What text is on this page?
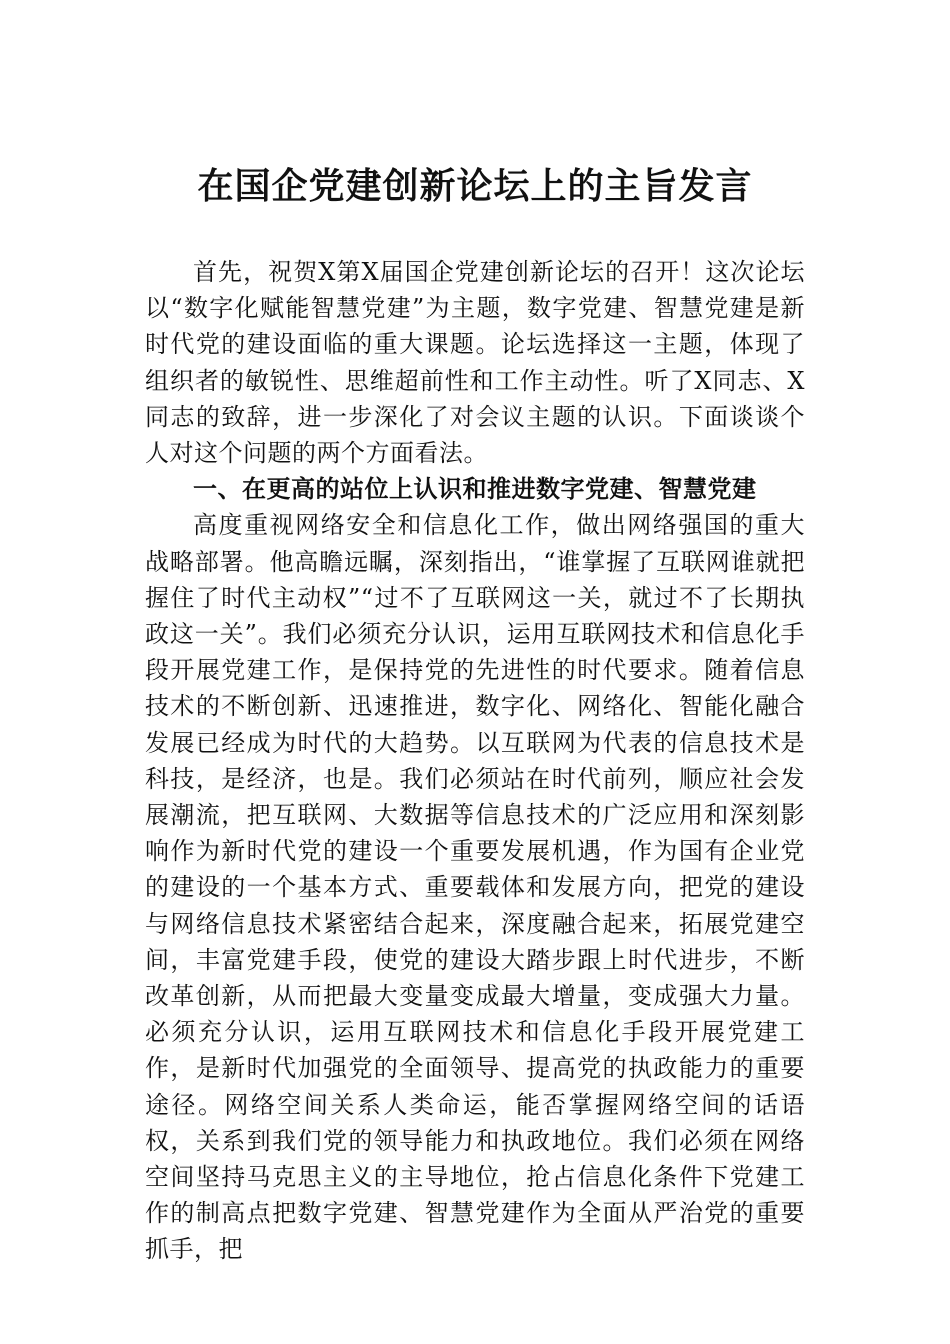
在国企党建创新论坛上的主旨发言

首先，祝贺X第X届国企党建创新论坛的召开！这次论坛以“数字化赋能智慧党建”为主题，数字党建、智慧党建是新时代党的建设面临的重大课题。论坛选择这一主题，体现了组织者的敏锐性、思维超前性和工作主动性。听了X同志、X同志的致辞，进一步深化了对会议主题的认识。下面谈谈个人对这个问题的两个方面看法。

一、在更高的站位上认识和推进数字党建、智慧党建

高度重视网络安全和信息化工作，做出网络强国的重大战略部署。他高瞻远瞩，深刻指出，“谁掌握了互联网谁就把握住了时代主动权”“过不了互联网这一关，就过不了长期执政这一关”。我们必须充分认识，运用互联网技术和信息化手段开展党建工作，是保持党的先进性的时代要求。随着信息技术的不断创新、迅速推进，数字化、网络化、智能化融合发展已经成为时代的大趋势。以互联网为代表的信息技术是科技，是经济，也是。我们必须站在时代前列，顺应社会发展潮流，把互联网、大数据等信息技术的广泛应用和深刻影响作为新时代党的建设一个重要发展机遇，作为国有企业党的建设的一个基本方式、重要载体和发展方向，把党的建设与网络信息技术紧密结合起来，深度融合起来，拓展党建空间，丰富党建手段，使党的建设大踏步跟上时代进步，不断改革创新，从而把最大变量变成最大增量，变成强大力量。必须充分认识，运用互联网技术和信息化手段开展党建工作，是新时代加强党的全面领导、提高党的执政能力的重要途径。网络空间关系人类命运，能否掌握网络空间的话语权，关系到我们党的领导能力和执政地位。我们必须在网络空间坚持马克思主义的主导地位，抢占信息化条件下党建工作的制高点把数字党建、智慧党建作为全面从严治党的重要抓手，把
